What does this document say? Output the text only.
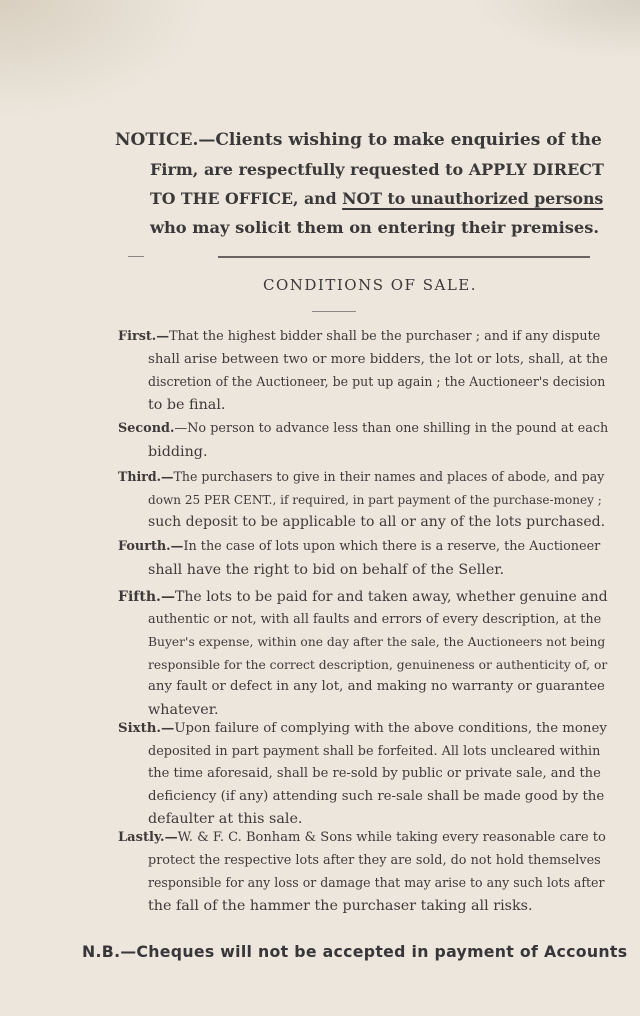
NOTICE.—Clients wishing to make enquiries of the
Firm, are respectfully requested to APPLY DIRECT
TO THE OFFICE, and NOT to unauthorized persons
who may solicit them on entering their premises.
CONDITIONS OF SALE.
First.—That the highest bidder shall be the purchaser ; and if any dispute
shall arise between two or more bidders, the lot or lots, shall, at the
discretion of the Auctioneer, be put up again ; the Auctioneer's decision
to be final.
Second.—No person to advance less than one shilling in the pound at each
bidding.
Third.—The purchasers to give in their names and places of abode, and pay
down 25 PER CENT., if required, in part payment of the purchase-money ;
such deposit to be applicable to all or any of the lots purchased.
Fourth.—In the case of lots upon which there is a reserve, the Auctioneer
shall have the right to bid on behalf of the Seller.
Fifth.—The lots to be paid for and taken away, whether genuine and
authentic or not, with all faults and errors of every description, at the
Buyer's expense, within one day after the sale, the Auctioneers not being
responsible for the correct description, genuineness or authenticity of, or
any fault or defect in any lot, and making no warranty or guarantee
whatever.
Sixth.—Upon failure of complying with the above conditions, the money
deposited in part payment shall be forfeited. All lots uncleared within
the time aforesaid, shall be re-sold by public or private sale, and the
deficiency (if any) attending such re-sale shall be made good by the
defaulter at this sale.
Lastly.—W. & F. C. Bonham & Sons while taking every reasonable care to
protect the respective lots after they are sold, do not hold themselves
responsible for any loss or damage that may arise to any such lots after
the fall of the hammer the purchaser taking all risks.
N.B.—Cheques will not be accepted in payment of Accounts
